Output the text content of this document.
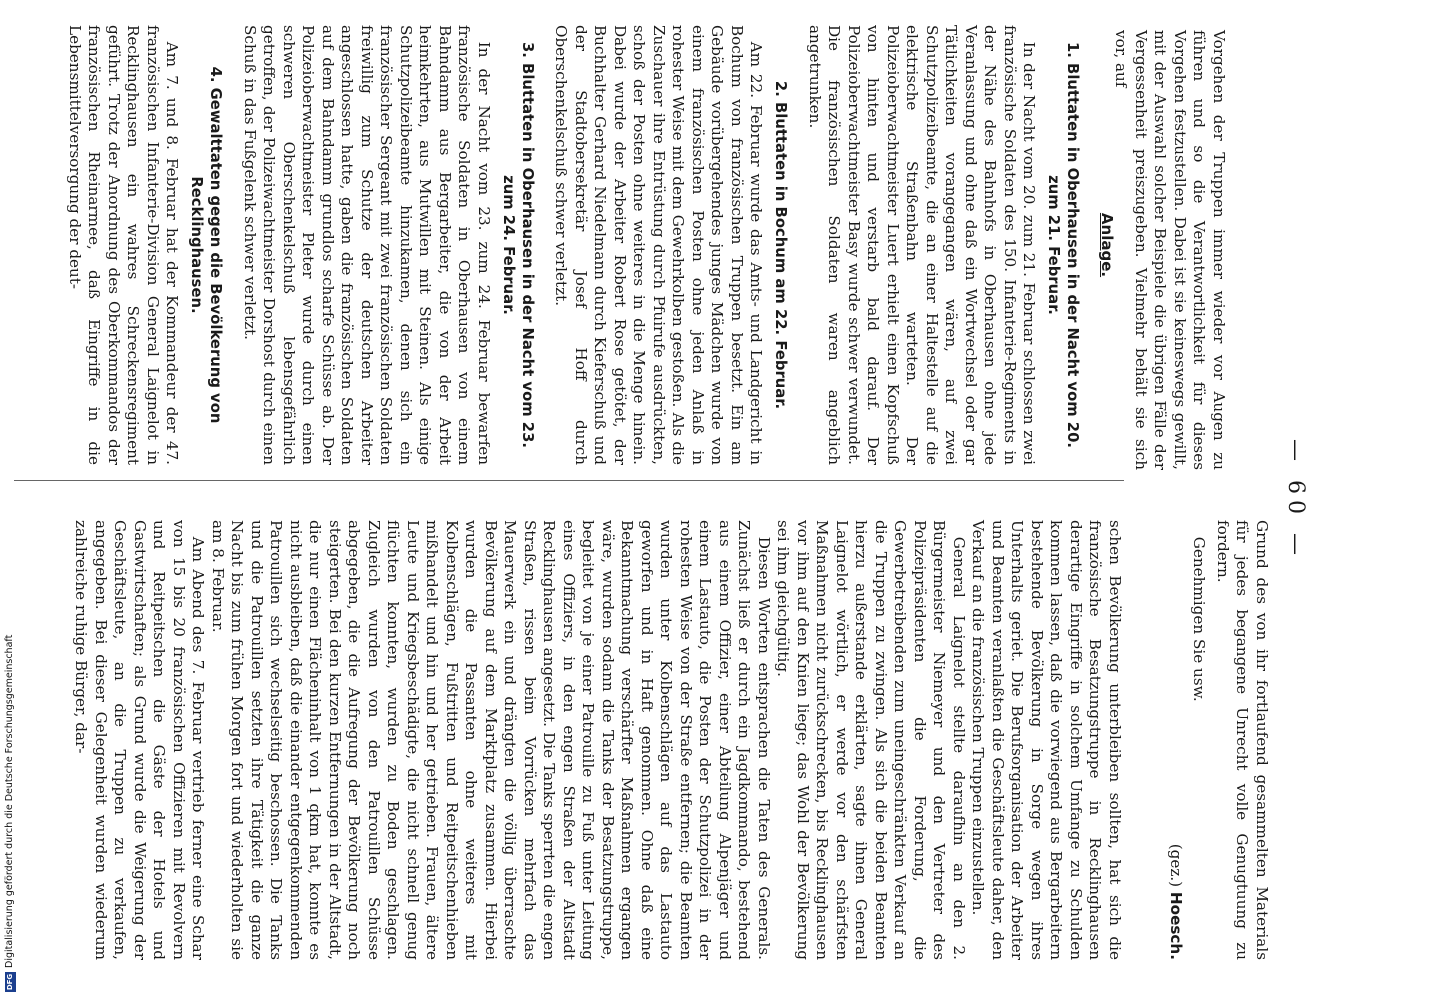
— 60 —

Vorgehen der Truppen immer wieder vor Augen zu führen und so die Verantwortlichkeit für dieses Vorgehen festzustellen. Dabei ist sie keineswegs gewillt, mit der Auswahl solcher Beispiele die übrigen Fälle der Vergessenheit preiszugeben. Vielmehr behält sie sich vor, auf

Grund des von ihr fortlaufend gesammelten Materials für jedes begangene Unrecht volle Genugtuung zu fordern.

Genehmigen Sie usw.

(gez.) Hoesch.
Anlage.
1. Bluttaten in Oberhausen in der Nacht vom 20. zum 21. Februar.

In der Nacht vom 20. zum 21. Februar schlossen zwei französische Soldaten des 150. Infanterie-Regiments in der Nähe des Bahnhofs in Oberhausen ohne jede Veranlassung und ohne daß ein Wortwechsel oder gar Tätlichkeiten vorangegangen wären, auf zwei Schutzpolizeibeamte, die an einer Haltestelle auf die elektrische Straßenbahn warteten. Der Polizeioberwachtmeister Luert erhielt einen Kopfschuß von hinten und verstarb bald darauf. Der Polizeioberwachtmeister Basy wurde schwer verwundet. Die französischen Soldaten waren angeblich angetrunken.

2. Bluttaten in Bochum am 22. Februar.

Am 22. Februar wurde das Amts- und Landgericht in Bochum von französischen Truppen besetzt. Ein am Gebäude vorübergehendes junges Mädchen wurde von einem französischen Posten ohne jeden Anlaß in rohester Weise mit dem Gewehrkolben gestoßen. Als die Zuschauer ihre Entrüstung durch Pfuirufe ausdrückten, schoß der Posten ohne weiteres in die Menge hinein. Dabei wurde der Arbeiter Robert Rose getötet, der Buchhalter Gerhard Niedelmann durch Kieferschuß und der Stadtobersekretär Josef Hoff durch Oberschenkelschuß schwer verletzt.

3. Bluttaten in Oberhausen in der Nacht vom 23. zum 24. Februar.

In der Nacht vom 23. zum 24. Februar bewarfen französische Soldaten in Oberhausen von einem Bahndamm aus Bergarbeiter, die von der Arbeit heimkehrten, aus Mutwillen mit Steinen. Als einige Schutzpolizeibeamte hinzukamen, denen sich ein französischer Sergeant mit zwei französischen Soldaten freiwillig zum Schutze der deutschen Arbeiter angeschlossen hatte, gaben die französischen Soldaten auf dem Bahndamm grundlos scharfe Schüsse ab. Der Polizeioberwachtmeister Pleter wurde durch einen schweren Oberschenkelschuß lebensgefährlich getroffen, der Polizeiwachtmeister Dorshost durch einen Schuß in das Fußgelenk schwer verletzt.

4. Gewalttaten gegen die Bevölkerung von Recklinghausen.

Am 7. und 8. Februar hat der Kommandeur der 47. französischen Infanterie-Division General Laignelot in Recklinghausen ein wahres Schreckensregiment geführt. Trotz der Anordnung des Oberkommandos der französischen Rheinarmee, daß Eingriffe in die Lebensmittelversorgung der deut-

schen Bevölkerung unterbleiben sollten, hat sich die französische Besatzungstruppe in Recklinghausen derartige Eingriffe in solchem Umfange zu Schulden kommen lassen, daß die vorwiegend aus Bergarbeitern bestehende Bevölkerung in Sorge wegen ihres Unterhalts geriet. Die Berufsorganisation der Arbeiter und Beamten veranlaßten die Geschäftsleute daher, den Verkauf an die französischen Truppen einzustellen.

General Laignelot stellte daraufhin an den 2. Bürgermeister Niemeyer und den Vertreter des Polizeipräsidenten die Forderung, die Gewerbetreibenden zum uneingeschränkten Verkauf an die Truppen zu zwingen. Als sich die beiden Beamten hierzu außerstande erklärten, sagte ihnen General Laignelot wörtlich, er werde vor den schärfsten Maßnahmen nicht zurückschrecken, bis Recklinghausen vor ihm auf den Knien liege; das Wohl der Bevölkerung sei ihm gleichgültig.

Diesen Worten entsprachen die Taten des Generals. Zunächst ließ er durch ein Jagdkommando, bestehend aus einem Offizier, einer Abteilung Alpenjäger und einem Lastauto, die Posten der Schutzpolizei in der rohesten Weise von der Straße entfernen; die Beamten wurden unter Kolbenschlägen auf das Lastauto geworfen und in Haft genommen. Ohne daß eine Bekanntmachung verschärfter Maßnahmen ergangen wäre, wurden sodann die Tanks der Besatzungstruppe, begleitet von je einer Patrouille zu Fuß unter Leitung eines Offiziers, in den engen Straßen der Altstadt Recklinghausen angesetzt. Die Tanks sperrten die engen Straßen, rissen beim Vorrücken mehrfach das Mauerwerk ein und drängten die völlig überraschte Bevölkerung auf dem Marktplatz zusammen. Hierbei wurden die Passanten ohne weiteres mit Kolbenschlägen, Fußtritten und Reitpeitschenhieben mißhandelt und hin und her getrieben. Frauen, ältere Leute und Kriegsbeschädigte, die nicht schnell genug flüchten konnten, wurden zu Boden geschlagen. Zugleich wurden von den Patrouillen Schüsse abgegeben, die die Aufregung der Bevölkerung noch steigerten. Bei den kurzen Entfernungen in der Altstadt, die nur einen Flächeninhalt von 1 qkm hat, konnte es nicht ausbleiben, daß die einander entgegenkommenden Patrouillen sich wechselseitig beschossen. Die Tanks und die Patrouillen setzten ihre Tätigkeit die ganze Nacht bis zum frühen Morgen fort und wiederholten sie am 8. Februar.

Am Abend des 7. Februar vertrieb ferner eine Schar von 15 bis 20 französischen Offizieren mit Revolvern und Reitpeitschen die Gäste der Hotels und Gastwirtschaften; als Grund wurde die Weigerung der Geschäftsleute, an die Truppen zu verkaufen, angegeben. Bei dieser Gelegenheit wurden wiederum zahlreiche ruhige Bürger, dar-

DFG
Digitalisierung gefördert durch die Deutsche Forschungsgemeinschaft
